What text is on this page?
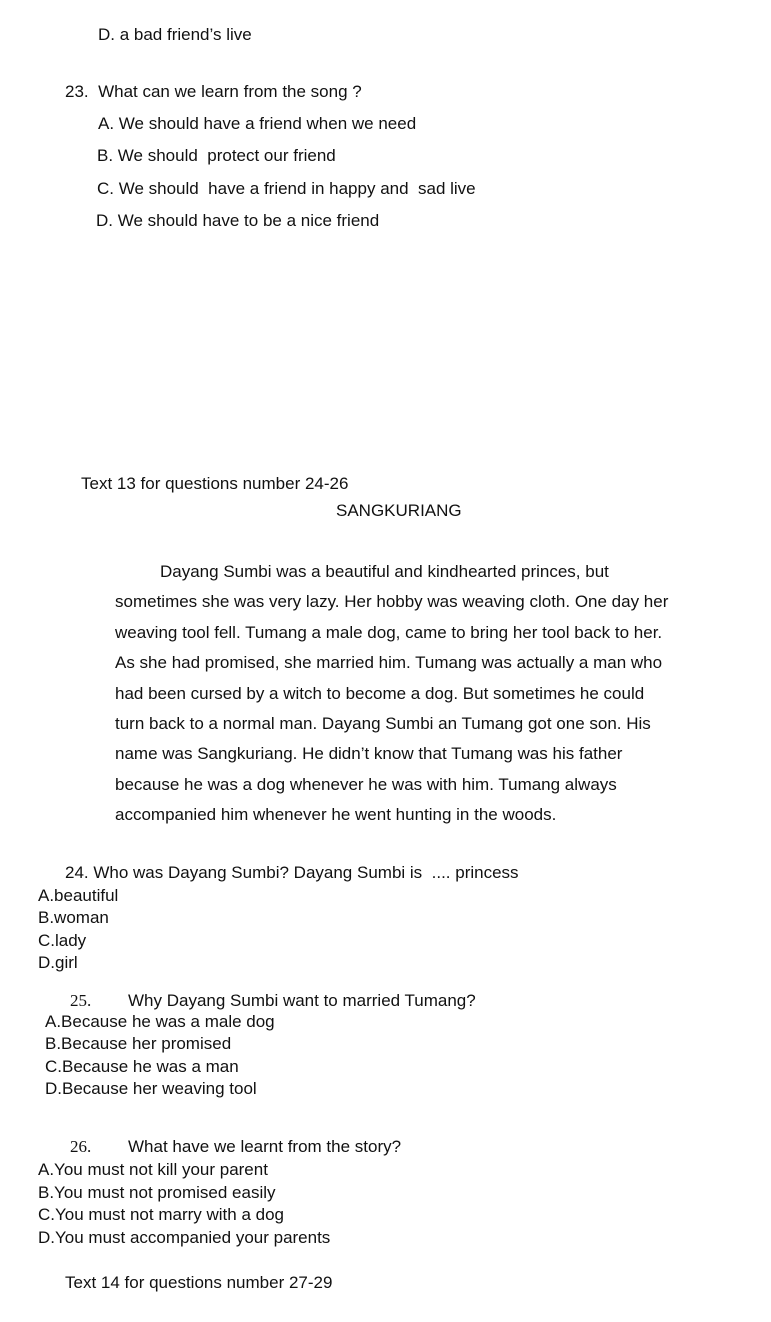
D. a bad friend’s live
23.  What can we learn from the song ?
A. We should have a friend when we need
B. We should  protect our friend
C. We should  have a friend in happy and  sad live
D. We should have to be a nice friend
Text 13 for questions number 24-26
SANGKURIANG
Dayang Sumbi was a beautiful and kindhearted princes, but
sometimes she was very lazy. Her hobby was weaving cloth. One day her
weaving tool fell. Tumang a male dog, came to bring her tool back to her.
As she had promised, she married him. Tumang was actually a man who
had been cursed by a witch to become a dog. But sometimes he could
turn back to a normal man. Dayang Sumbi an Tumang got one son. His
name was Sangkuriang. He didn’t know that Tumang was his father
because he was a dog whenever he was with him. Tumang always
accompanied him whenever he went hunting in the woods.
24. Who was Dayang Sumbi? Dayang Sumbi is  .... princess
A.beautiful
B.woman
C.lady
D.girl
25. Why Dayang Sumbi want to married Tumang?
A.Because he was a male dog
B.Because her promised
C.Because he was a man
D.Because her weaving tool
26. What have we learnt from the story?
A.You must not kill your parent
B.You must not promised easily
C.You must not marry with a dog
D.You must accompanied your parents
Text 14 for questions number 27-29
